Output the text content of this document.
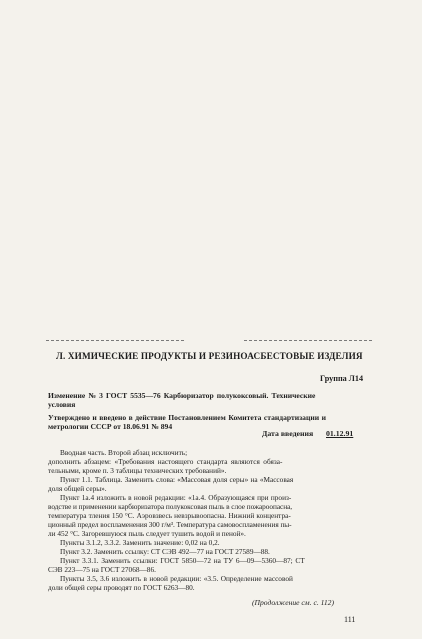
Л. ХИМИЧЕСКИЕ ПРОДУКТЫ И РЕЗИНОАСБЕСТОВЫЕ ИЗДЕЛИЯ
Группа Л14
Изменение № 3 ГОСТ 5535—76 Карбюризатор полукоксовый. Технические
условия
Утверждено и введено в действие Постановлением Комитета стандартизации и
метрологии СССР от 18.06.91 № 894
Дата введения 01.12.91
Вводная часть. Второй абзац исключить;
дополнить абзацем: «Требования настоящего стандарта являются обяза-
тельными, кроме п. 3 таблицы технических требований».
Пункт 1.1. Таблица. Заменить слова: «Массовая доля серы» на «Массовая
доля общей серы».
Пункт 1а.4 изложить в новой редакции: «1а.4. Образующаяся при произ-
водстве и применении карбюризатора полукоксовая пыль в слое пожароопасна,
температура тления 150 °С. Аэровзвесь невзрывоопасна. Нижний концентра-
ционный предел воспламенения 300 г/м³. Температура самовоспламенения пы-
ли 452 °С. Загоревшуюся пыль следует тушить водой и пеной».
Пункты 3.1.2, 3.3.2. Заменить значение: 0,02 на 0,2.
Пункт 3.2. Заменить ссылку: СТ СЭВ 492—77 на ГОСТ 27589—88.
Пункт 3.3.1. Заменить ссылки: ГОСТ 5850—72 на ТУ 6—09—5360—87; СТ
СЭВ 223—75 на ГОСТ 27068—86.
Пункты 3.5, 3.6 изложить в новой редакции: «3.5. Определение массовой
доли общей серы проводят по ГОСТ 6263—80.
(Продолжение см. с. 112)
111
